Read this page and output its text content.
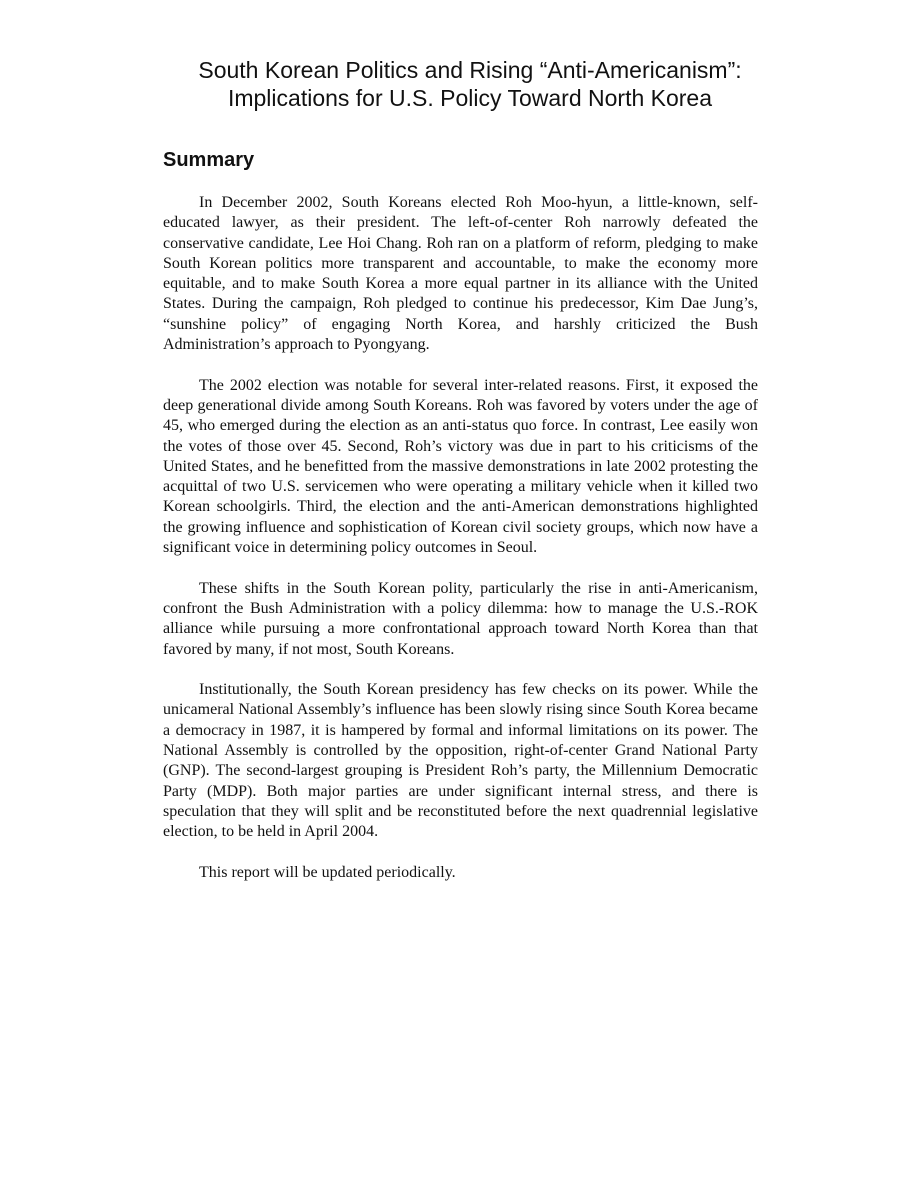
South Korean Politics and Rising “Anti-Americanism”:
Implications for U.S. Policy Toward North Korea
Summary

In December 2002, South Koreans elected Roh Moo-hyun, a little-known, self-educated lawyer, as their president. The left-of-center Roh narrowly defeated the conservative candidate, Lee Hoi Chang. Roh ran on a platform of reform, pledging to make South Korean politics more transparent and accountable, to make the economy more equitable, and to make South Korea a more equal partner in its alliance with the United States. During the campaign, Roh pledged to continue his predecessor, Kim Dae Jung’s, “sunshine policy” of engaging North Korea, and harshly criticized the Bush Administration’s approach to Pyongyang.

The 2002 election was notable for several inter-related reasons. First, it exposed the deep generational divide among South Koreans. Roh was favored by voters under the age of 45, who emerged during the election as an anti-status quo force. In contrast, Lee easily won the votes of those over 45. Second, Roh’s victory was due in part to his criticisms of the United States, and he benefitted from the massive demonstrations in late 2002 protesting the acquittal of two U.S. servicemen who were operating a military vehicle when it killed two Korean schoolgirls. Third, the election and the anti-American demonstrations highlighted the growing influence and sophistication of Korean civil society groups, which now have a significant voice in determining policy outcomes in Seoul.

These shifts in the South Korean polity, particularly the rise in anti-Americanism, confront the Bush Administration with a policy dilemma: how to manage the U.S.-ROK alliance while pursuing a more confrontational approach toward North Korea than that favored by many, if not most, South Koreans.

Institutionally, the South Korean presidency has few checks on its power. While the unicameral National Assembly’s influence has been slowly rising since South Korea became a democracy in 1987, it is hampered by formal and informal limitations on its power. The National Assembly is controlled by the opposition, right-of-center Grand National Party (GNP). The second-largest grouping is President Roh’s party, the Millennium Democratic Party (MDP). Both major parties are under significant internal stress, and there is speculation that they will split and be reconstituted before the next quadrennial legislative election, to be held in April 2004.

This report will be updated periodically.
